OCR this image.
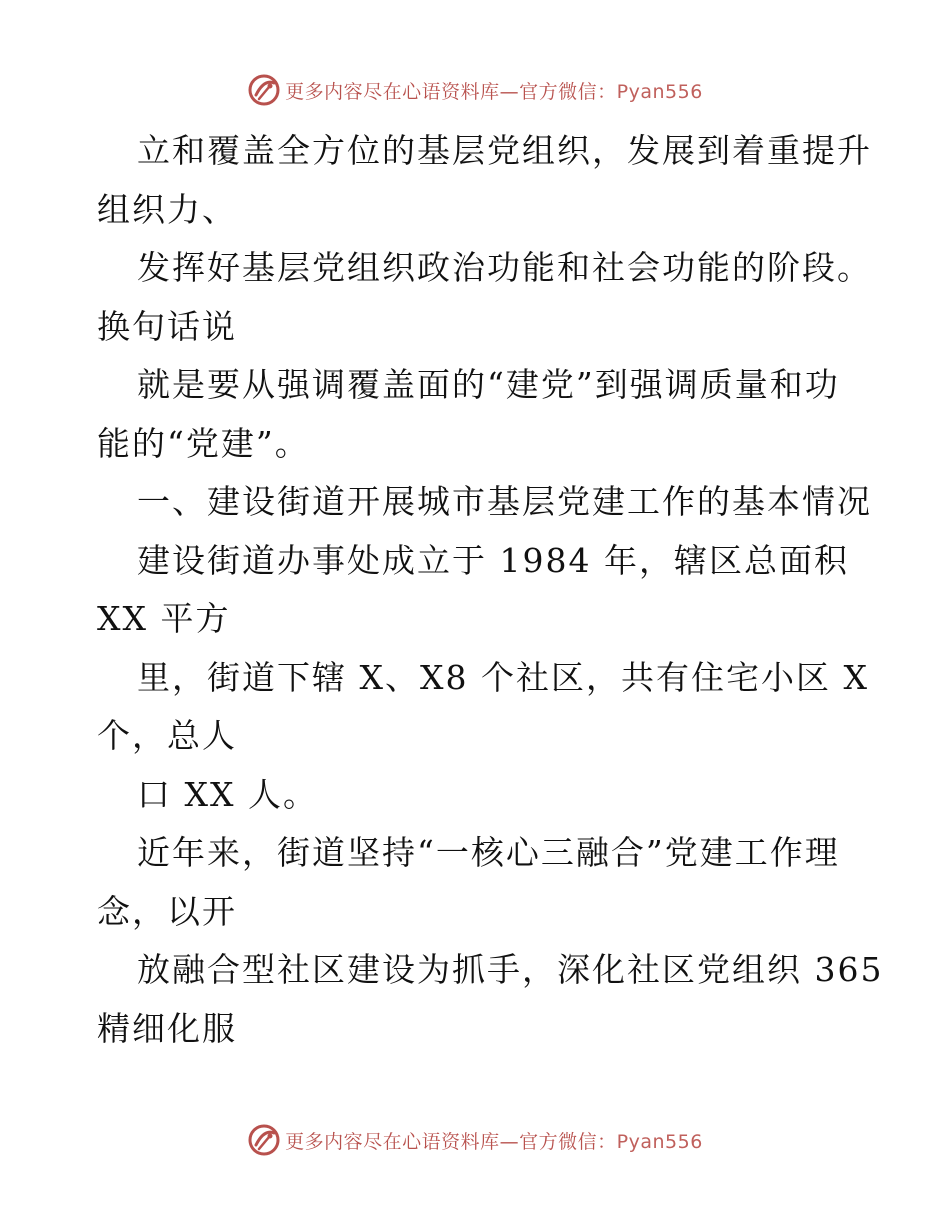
更多内容尽在心语资料库—官方微信：Pyan556
立和覆盖全方位的基层党组织，发展到着重提升
组织力、
发挥好基层党组织政治功能和社会功能的阶段。
换句话说
就是要从强调覆盖面的“建党”到强调质量和功
能的“党建”。
一、建设街道开展城市基层党建工作的基本情况
建设街道办事处成立于 1984 年，辖区总面积
XX 平方
里，街道下辖 X、X8 个社区，共有住宅小区 X
个，总人
口 XX 人。
近年来，街道坚持“一核心三融合”党建工作理
念，以开
放融合型社区建设为抓手，深化社区党组织 365
精细化服
更多内容尽在心语资料库—官方微信：Pyan556
